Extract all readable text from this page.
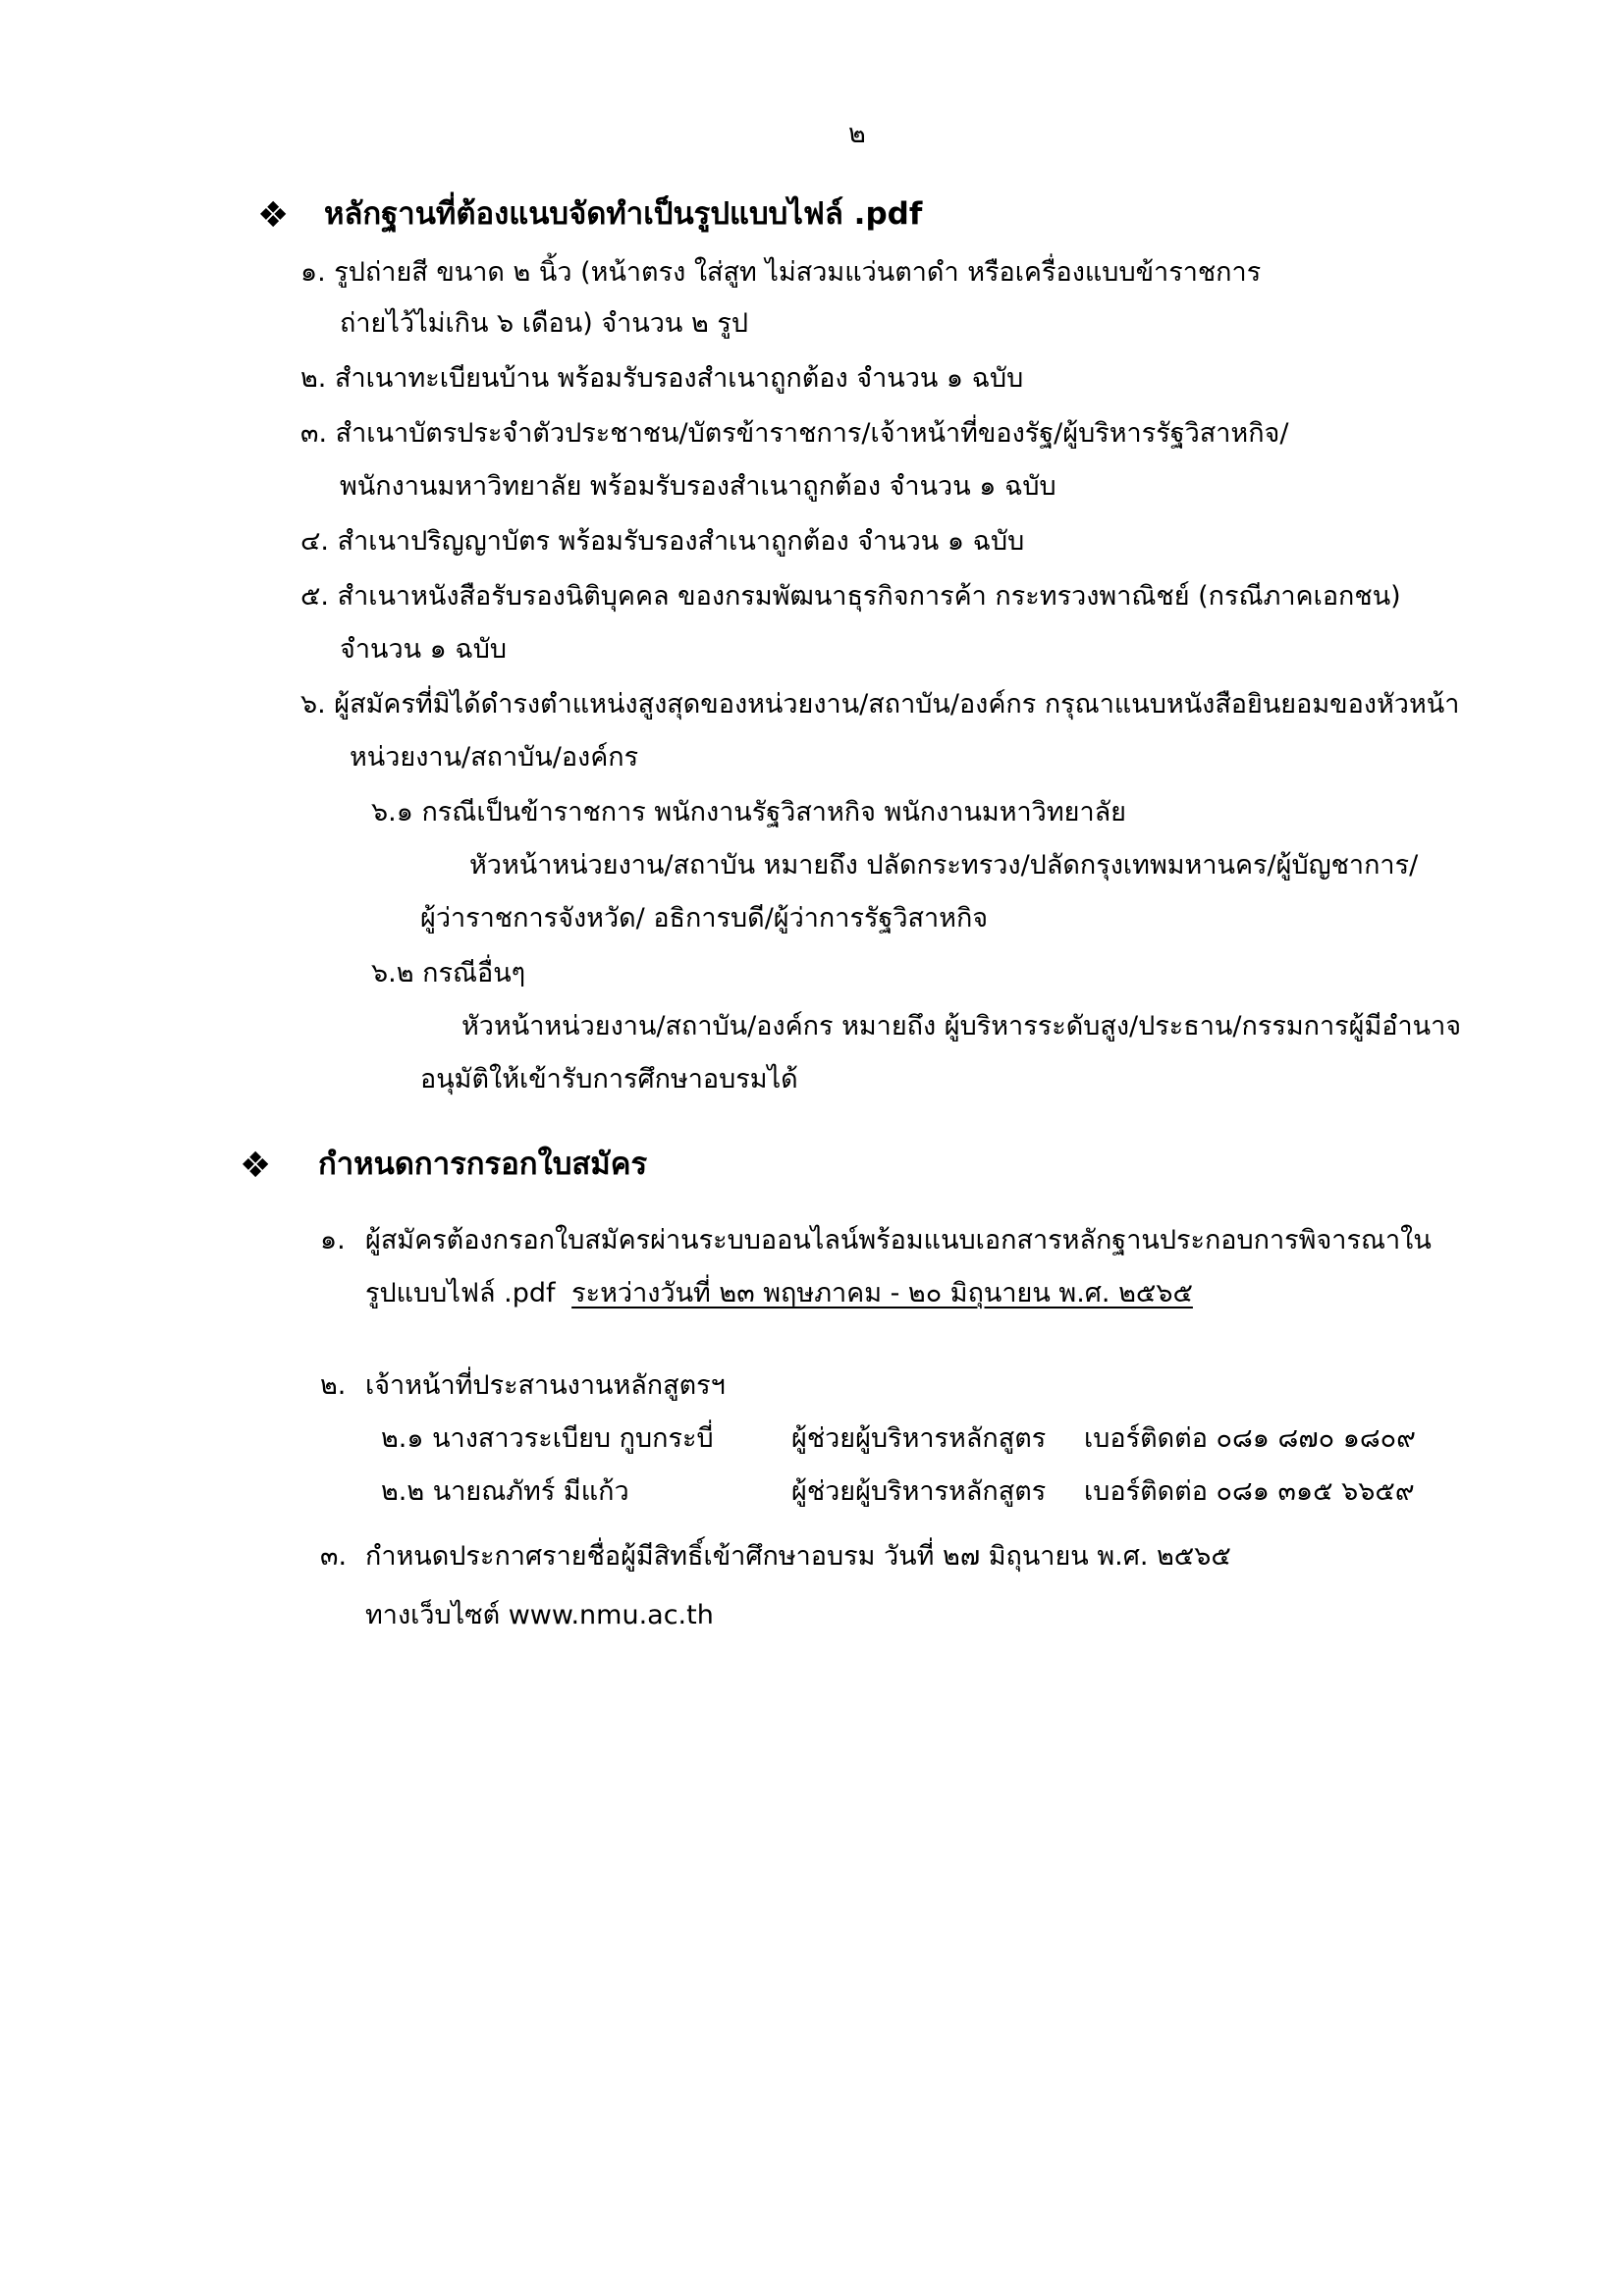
๒
❖ หลักฐานที่ต้องแนบจัดทำเป็นรูปแบบไฟล์ .pdf
๑. รูปถ่ายสี ขนาด ๒ นิ้ว (หน้าตรง ใส่สูท ไม่สวมแว่นตาดำ หรือเครื่องแบบข้าราชการ
ถ่ายไว้ไม่เกิน ๖ เดือน) จำนวน ๒ รูป
๒. สำเนาทะเบียนบ้าน พร้อมรับรองสำเนาถูกต้อง จำนวน ๑ ฉบับ
๓. สำเนาบัตรประจำตัวประชาชน/บัตรข้าราชการ/เจ้าหน้าที่ของรัฐ/ผู้บริหารรัฐวิสาหกิจ/
พนักงานมหาวิทยาลัย พร้อมรับรองสำเนาถูกต้อง จำนวน ๑ ฉบับ
๔. สำเนาปริญญาบัตร พร้อมรับรองสำเนาถูกต้อง จำนวน ๑ ฉบับ
๕. สำเนาหนังสือรับรองนิติบุคคล ของกรมพัฒนาธุรกิจการค้า กระทรวงพาณิชย์ (กรณีภาคเอกชน)
จำนวน ๑ ฉบับ
๖. ผู้สมัครที่มิได้ดำรงตำแหน่งสูงสุดของหน่วยงาน/สถาบัน/องค์กร กรุณาแนบหนังสือยินยอมของหัวหน้า
หน่วยงาน/สถาบัน/องค์กร
๖.๑ กรณีเป็นข้าราชการ พนักงานรัฐวิสาหกิจ พนักงานมหาวิทยาลัย
หัวหน้าหน่วยงาน/สถาบัน หมายถึง ปลัดกระทรวง/ปลัดกรุงเทพมหานคร/ผู้บัญชาการ/
ผู้ว่าราชการจังหวัด/ อธิการบดี/ผู้ว่าการรัฐวิสาหกิจ
๖.๒ กรณีอื่นๆ
หัวหน้าหน่วยงาน/สถาบัน/องค์กร หมายถึง ผู้บริหารระดับสูง/ประธาน/กรรมการผู้มีอำนาจ
อนุมัติให้เข้ารับการศึกษาอบรมได้
❖ กำหนดการกรอกใบสมัคร
๑. ผู้สมัครต้องกรอกใบสมัครผ่านระบบออนไลน์พร้อมแนบเอกสารหลักฐานประกอบการพิจารณาใน
รูปแบบไฟล์ .pdf ระหว่างวันที่ ๒๓ พฤษภาคม - ๒๐ มิถุนายน พ.ศ. ๒๕๖๕
๒. เจ้าหน้าที่ประสานงานหลักสูตรฯ
๒.๑ นางสาวระเบียบ กูบกระบี่	ผู้ช่วยผู้บริหารหลักสูตร เบอร์ติดต่อ ๐๘๑ ๘๗๐ ๑๘๐๙
๒.๒ นายณภัทร์ มีแก้ว	ผู้ช่วยผู้บริหารหลักสูตร เบอร์ติดต่อ ๐๘๑ ๓๑๕ ๖๖๕๙
๓. กำหนดประกาศรายชื่อผู้มีสิทธิ์เข้าศึกษาอบรม วันที่ ๒๗ มิถุนายน พ.ศ. ๒๕๖๕
ทางเว็บไซต์ www.nmu.ac.th
